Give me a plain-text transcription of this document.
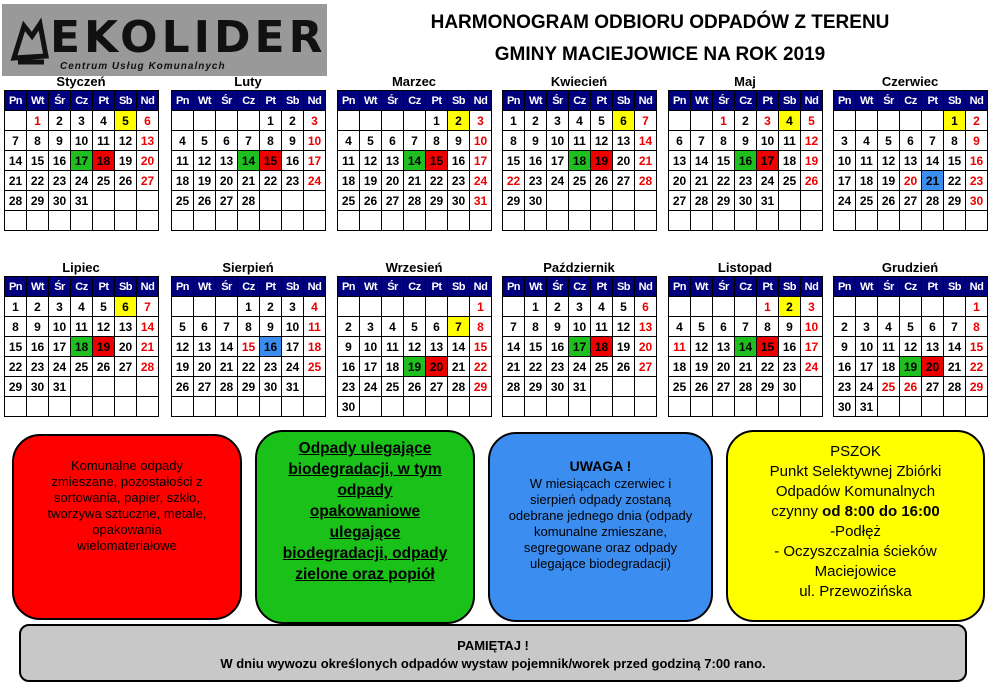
EKOLIDER
Centrum Usług Komunalnych
HARMONOGRAM ODBIORU ODPADÓW Z TERENU
GMINY MACIEJOWICE NA ROK 2019
Styczeń
Pn	Wt	Śr	Cz	Pt	Sb	Nd
	1	2	3	4	5	6
7	8	9	10	11	12	13
14	15	16	17	18	19	20
21	22	23	24	25	26	27
28	29	30	31			

Luty
Pn	Wt	Śr	Cz	Pt	Sb	Nd
				1	2	3
4	5	6	7	8	9	10
11	12	13	14	15	16	17
18	19	20	21	22	23	24
25	26	27	28			

Marzec
Pn	Wt	Śr	Cz	Pt	Sb	Nd
				1	2	3
4	5	6	7	8	9	10
11	12	13	14	15	16	17
18	19	20	21	22	23	24
25	26	27	28	29	30	31

Kwiecień
Pn	Wt	Śr	Cz	Pt	Sb	Nd
1	2	3	4	5	6	7
8	9	10	11	12	13	14
15	16	17	18	19	20	21
22	23	24	25	26	27	28
29	30					

Maj
Pn	Wt	Śr	Cz	Pt	Sb	Nd
		1	2	3	4	5
6	7	8	9	10	11	12
13	14	15	16	17	18	19
20	21	22	23	24	25	26
27	28	29	30	31		

Czerwiec
Pn	Wt	Śr	Cz	Pt	Sb	Nd
					1	2
3	4	5	6	7	8	9
10	11	12	13	14	15	16
17	18	19	20	21	22	23
24	25	26	27	28	29	30

Lipiec
Pn	Wt	Śr	Cz	Pt	Sb	Nd
1	2	3	4	5	6	7
8	9	10	11	12	13	14
15	16	17	18	19	20	21
22	23	24	25	26	27	28
29	30	31				

Sierpień
Pn	Wt	Śr	Cz	Pt	Sb	Nd
			1	2	3	4
5	6	7	8	9	10	11
12	13	14	15	16	17	18
19	20	21	22	23	24	25
26	27	28	29	30	31	

Wrzesień
Pn	Wt	Śr	Cz	Pt	Sb	Nd
						1
2	3	4	5	6	7	8
9	10	11	12	13	14	15
16	17	18	19	20	21	22
23	24	25	26	27	28	29
30						
Październik
Pn	Wt	Śr	Cz	Pt	Sb	Nd
	1	2	3	4	5	6
7	8	9	10	11	12	13
14	15	16	17	18	19	20
21	22	23	24	25	26	27
28	29	30	31			

Listopad
Pn	Wt	Śr	Cz	Pt	Sb	Nd
				1	2	3
4	5	6	7	8	9	10
11	12	13	14	15	16	17
18	19	20	21	22	23	24
25	26	27	28	29	30	

Grudzień
Pn	Wt	Śr	Cz	Pt	Sb	Nd
						1
2	3	4	5	6	7	8
9	10	11	12	13	14	15
16	17	18	19	20	21	22
23	24	25	26	27	28	29
30	31					

Komunalne odpady zmieszane, pozostałości z sortowania, papier, szkło, tworzywa sztuczne, metale, opakowania wielomateriałowe

Odpady ulegające biodegradacji, w tym odpady opakowaniowe ulegające biodegradacji, odpady zielone oraz popiół

UWAGA !

W miesiącach czerwiec i sierpień odpady zostaną odebrane jednego dnia (odpady komunalne zmieszane, segregowane oraz odpady ulegające biodegradacji)

PSZOK

Punkt Selektywnej Zbiórki Odpadów Komunalnych

czynny od 8:00 do 16:00

-Podłęż

- Oczyszczalnia ścieków Maciejowice

ul. Przewozińska

PAMIĘTAJ !
W dniu wywozu określonych odpadów wystaw pojemnik/worek przed godziną 7:00 rano.
